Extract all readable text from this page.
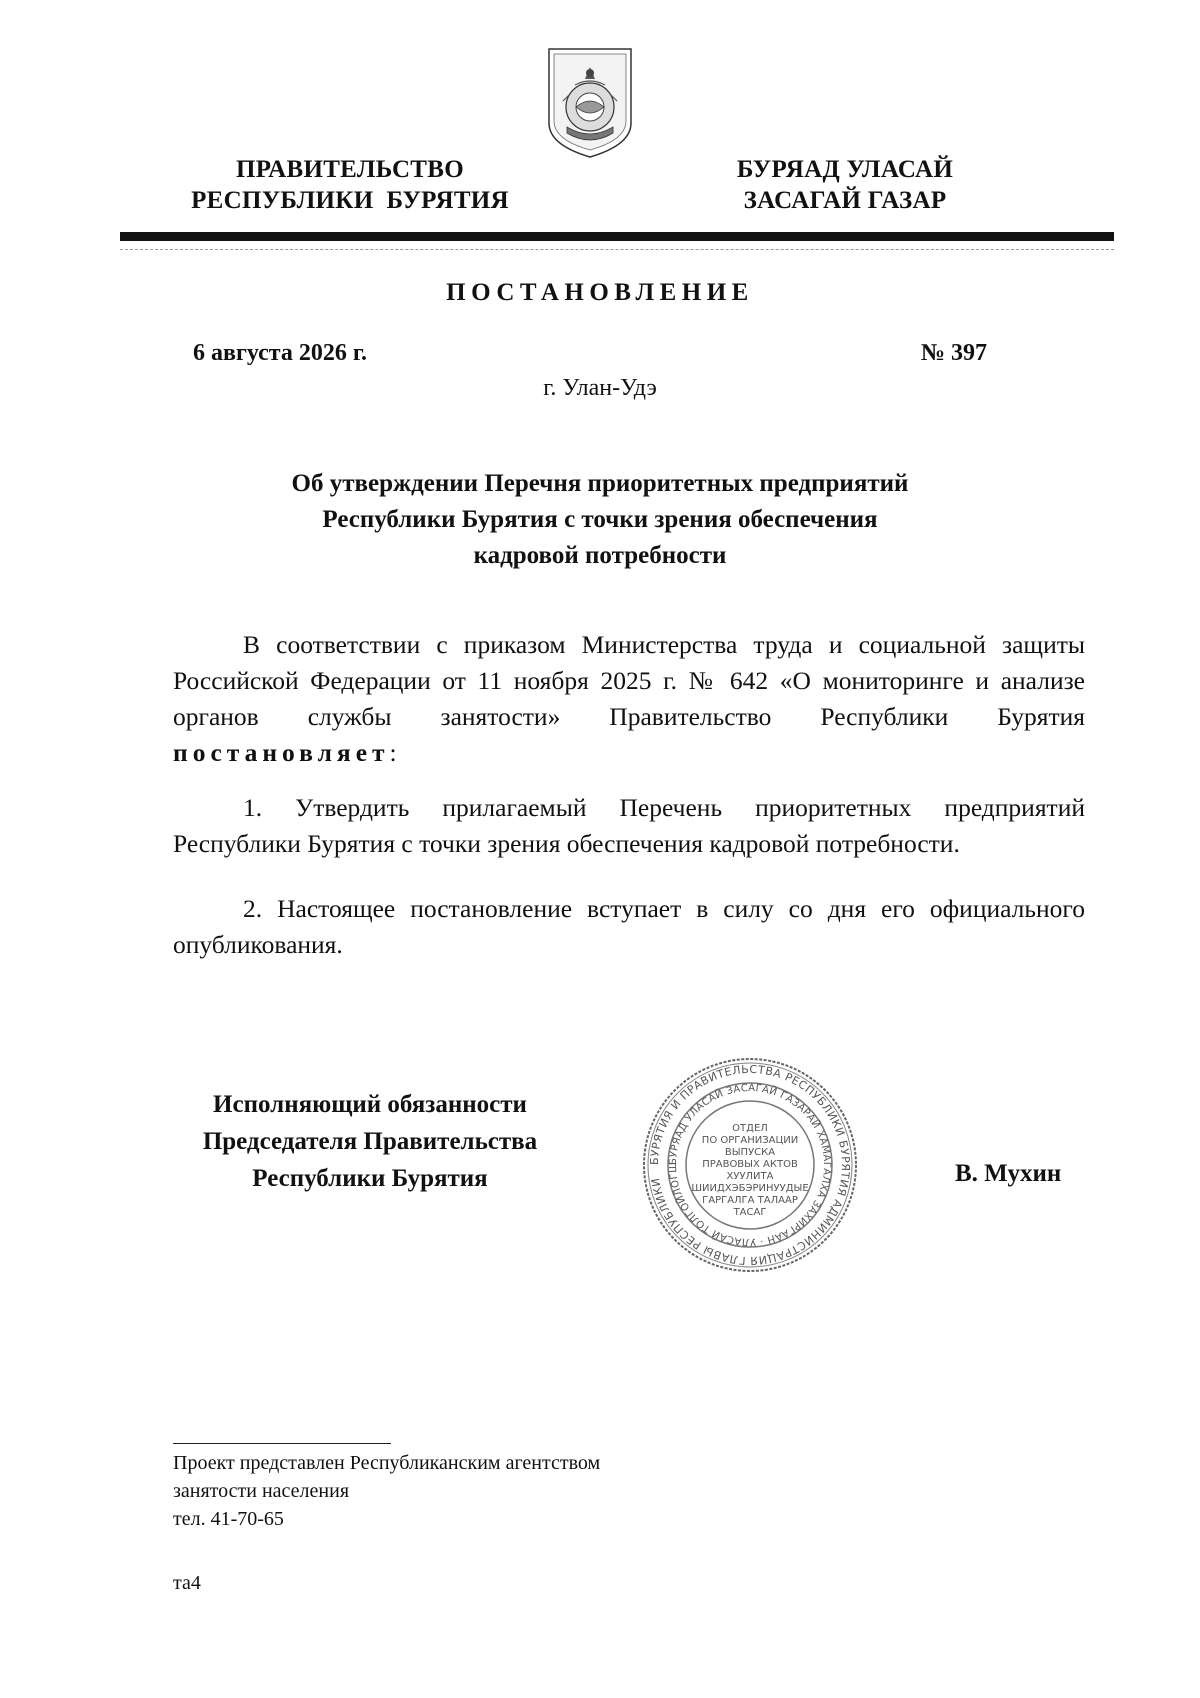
ПРАВИТЕЛЬСТВО
РЕСПУБЛИКИ  БУРЯТИЯ
БУРЯАД УЛАСАЙ
ЗАСАГАЙ ГАЗАР
ПОСТАНОВЛЕНИЕ
6 августа 2026 г.	№ 397
г. Улан-Удэ
Об утверждении Перечня приоритетных предприятий
Республики Бурятия с точки зрения обеспечения
кадровой потребности
В соответствии с приказом Министерства труда и социальной защиты Российской Федерации от 11 ноября 2025 г. № 642 «О мониторинге и анализе органов службы занятости» Правительство Республики Бурятия постановляет:
1. Утвердить прилагаемый Перечень приоритетных предприятий Республики Бурятия с точки зрения обеспечения кадровой потребности.
2. Настоящее постановление вступает в силу со дня его официального опубликования.
Исполняющий обязанности
Председателя Правительства
Республики Бурятия
БУРЯТИЯ И ПРАВИТЕЛЬСТВА РЕСПУБЛИКИ БУРЯТИЯ АДМИНИСТРАЦИЯ ГЛАВЫ РЕСПУБЛИКИ
БУРЯАД УЛАСАЙ ЗАСАГАЙ ГАЗАРАЙ ХАМАГАЛХА ЗАХИРГААН · УЛАСАЙ ТОЛГОЙЛОГШ
ОТДЕЛ
ПО ОРГАНИЗАЦИИ
ВЫПУСКА
ПРАВОВЫХ АКТОВ
ХУУЛИТА
ШИИДХЭБЭРИНУУДЫЕ
ГАРГАЛГА ТАЛААР
ТАСАГ
В. Мухин
Проект представлен Республиканским агентством
занятости населения
тел. 41-70-65
та4
